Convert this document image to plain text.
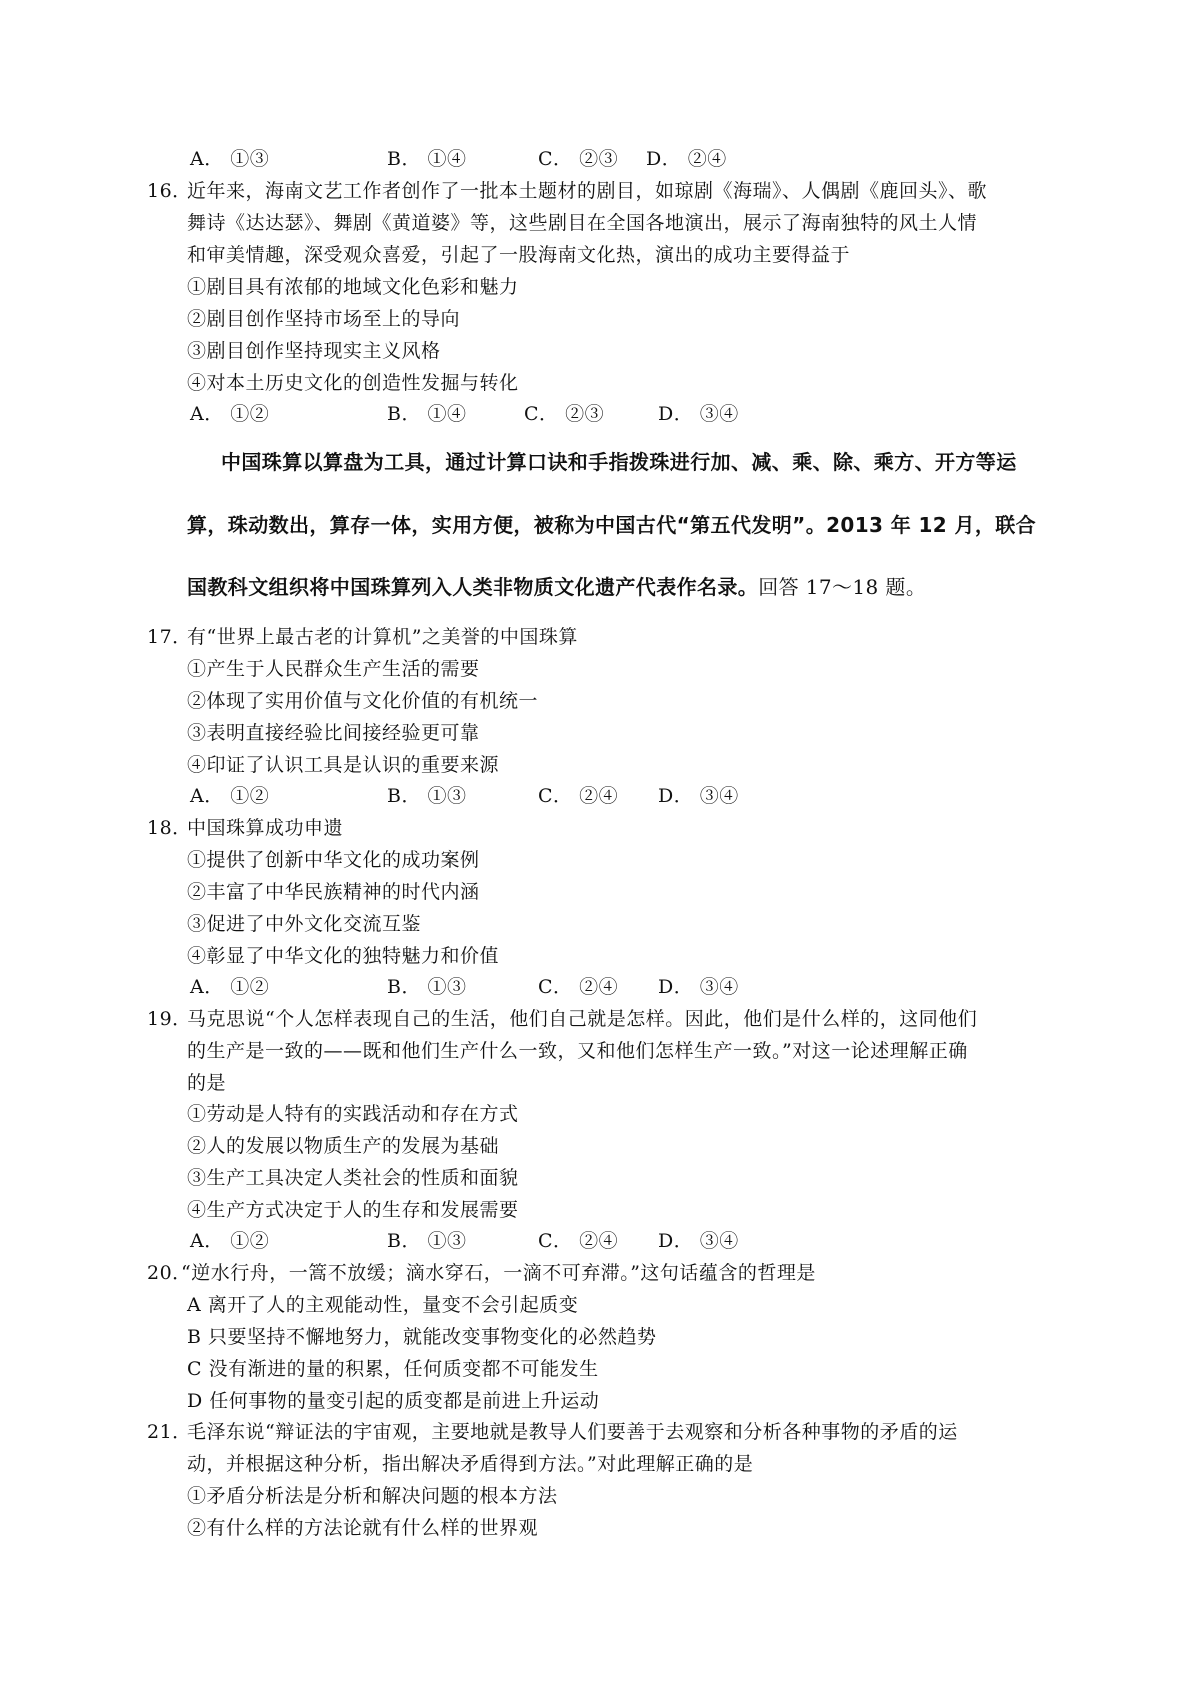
A． ①③	B． ①④	C． ②③ D． ②④
16．
近年来，海南文艺工作者创作了一批本土题材的剧目，如琼剧《海瑞》、人偶剧《鹿回头》、歌
舞诗《达达瑟》、舞剧《黄道婆》等，这些剧目在全国各地演出，展示了海南独特的风土人情
和审美情趣，深受观众喜爱，引起了一股海南文化热，演出的成功主要得益于
①剧目具有浓郁的地域文化色彩和魅力
②剧目创作坚持市场至上的导向
③剧目创作坚持现实主义风格
④对本土历史文化的创造性发掘与转化
A． ①②	B． ①④	C． ②③	D． ③④
中国珠算以算盘为工具，通过计算口诀和手指拨珠进行加、减、乘、除、乘方、开方等运
算，珠动数出，算存一体，实用方便，被称为中国古代“第五代发明”。2013 年 12 月，联合
国教科文组织将中国珠算列入人类非物质文化遗产代表作名录。回答 17～18 题。
17．
有“世界上最古老的计算机”之美誉的中国珠算
①产生于人民群众生产生活的需要
②体现了实用价值与文化价值的有机统一
③表明直接经验比间接经验更可靠
④印证了认识工具是认识的重要来源
A． ①②	B． ①③	C． ②④ D． ③④
18．
中国珠算成功申遗
①提供了创新中华文化的成功案例
②丰富了中华民族精神的时代内涵
③促进了中外文化交流互鉴
④彰显了中华文化的独特魅力和价值
A． ①②	B． ①③	C． ②④ D． ③④
19．
马克思说“个人怎样表现自己的生活，他们自己就是怎样。因此，他们是什么样的，这同他们
的生产是一致的——既和他们生产什么一致，又和他们怎样生产一致。”对这一论述理解正确
的是
①劳动是人特有的实践活动和存在方式
②人的发展以物质生产的发展为基础
③生产工具决定人类社会的性质和面貌
④生产方式决定于人的生存和发展需要
A． ①②	B． ①③	C． ②④ D． ③④
20．
“逆水行舟，一篙不放缓；滴水穿石，一滴不可弃滞。”这句话蕴含的哲理是
A 离开了人的主观能动性，量变不会引起质变
B 只要坚持不懈地努力，就能改变事物变化的必然趋势
C 没有渐进的量的积累，任何质变都不可能发生
D 任何事物的量变引起的质变都是前进上升运动
21．
毛泽东说“辩证法的宇宙观，主要地就是教导人们要善于去观察和分析各种事物的矛盾的运
动，并根据这种分析，指出解决矛盾得到方法。”对此理解正确的是
①矛盾分析法是分析和解决问题的根本方法
②有什么样的方法论就有什么样的世界观
